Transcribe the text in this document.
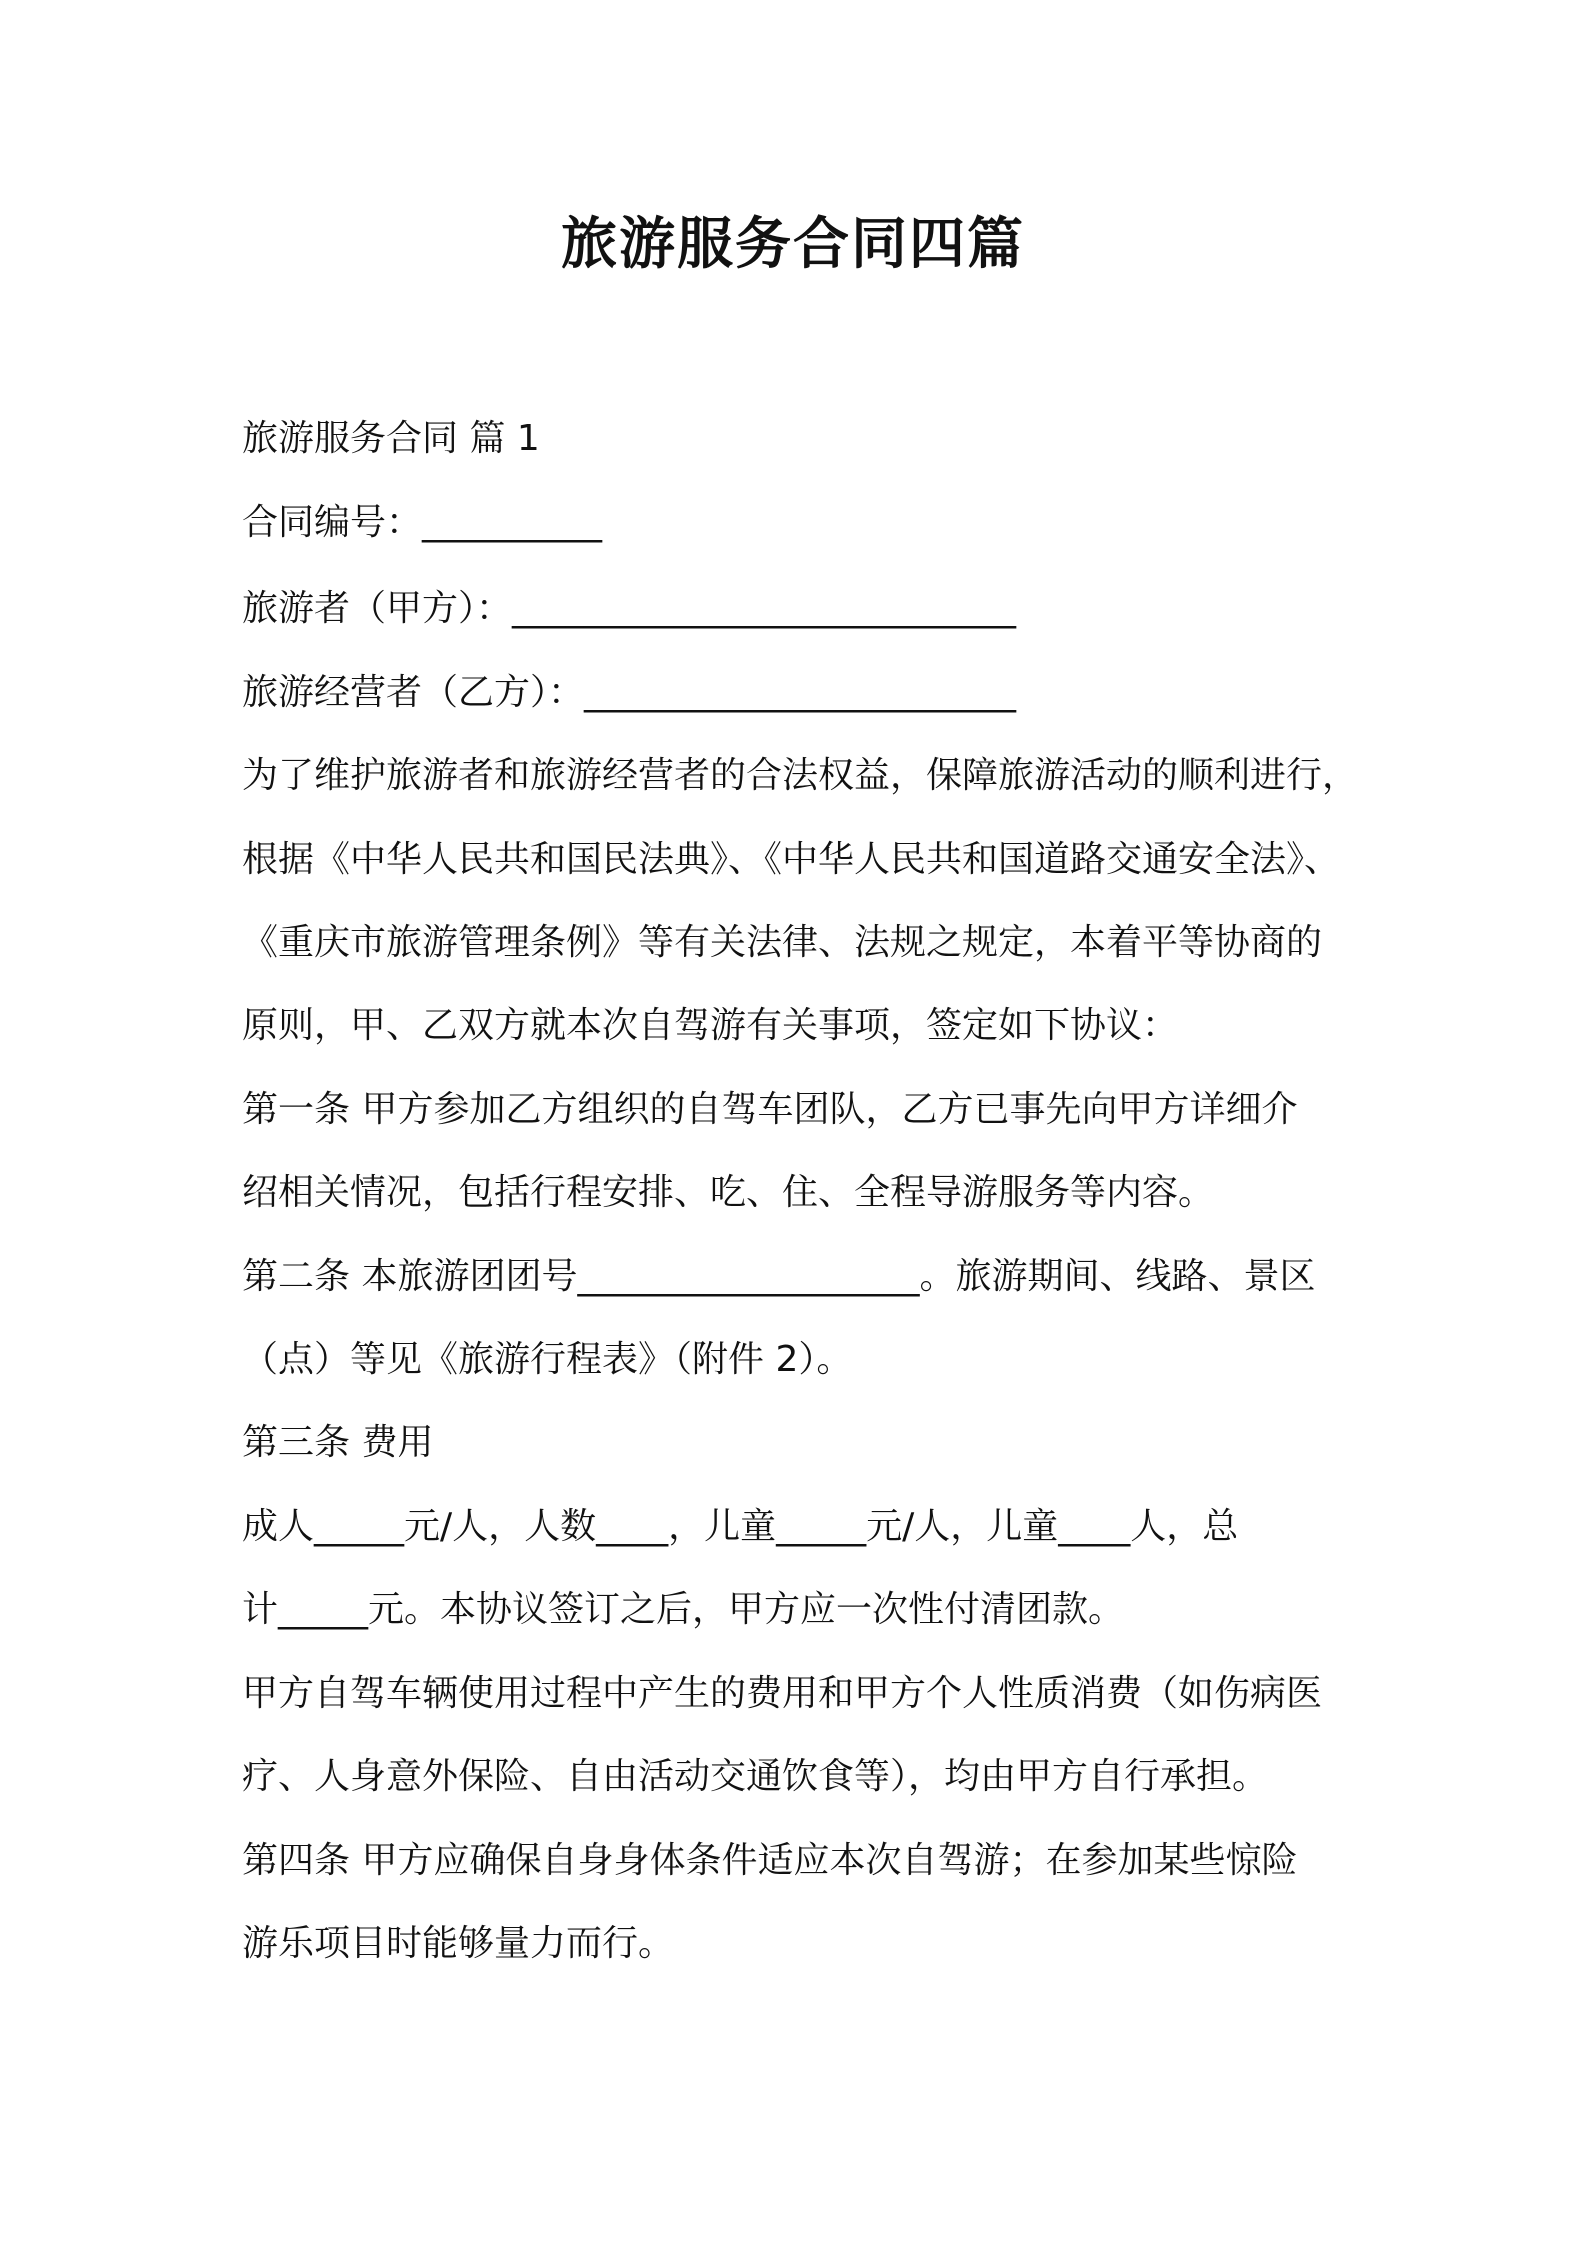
旅游服务合同四篇

旅游服务合同 篇 1

合同编号：__________

旅游者（甲方）：____________________________

旅游经营者（乙方）：________________________

为了维护旅游者和旅游经营者的合法权益，保障旅游活动的顺利进行，

根据《中华人民共和国民法典》、《中华人民共和国道路交通安全法》、

《重庆市旅游管理条例》等有关法律、法规之规定，本着平等协商的

原则，甲、乙双方就本次自驾游有关事项，签定如下协议：

第一条 甲方参加乙方组织的自驾车团队，乙方已事先向甲方详细介

绍相关情况，包括行程安排、吃、住、全程导游服务等内容。

第二条 本旅游团团号___________________。旅游期间、线路、景区

（点）等见《旅游行程表》（附件 2）。

第三条 费用

成人_____元/人，人数____，儿童_____元/人，儿童____人，总

计_____元。本协议签订之后，甲方应一次性付清团款。

甲方自驾车辆使用过程中产生的费用和甲方个人性质消费（如伤病医

疗、人身意外保险、自由活动交通饮食等），均由甲方自行承担。

第四条 甲方应确保自身身体条件适应本次自驾游；在参加某些惊险

游乐项目时能够量力而行。
